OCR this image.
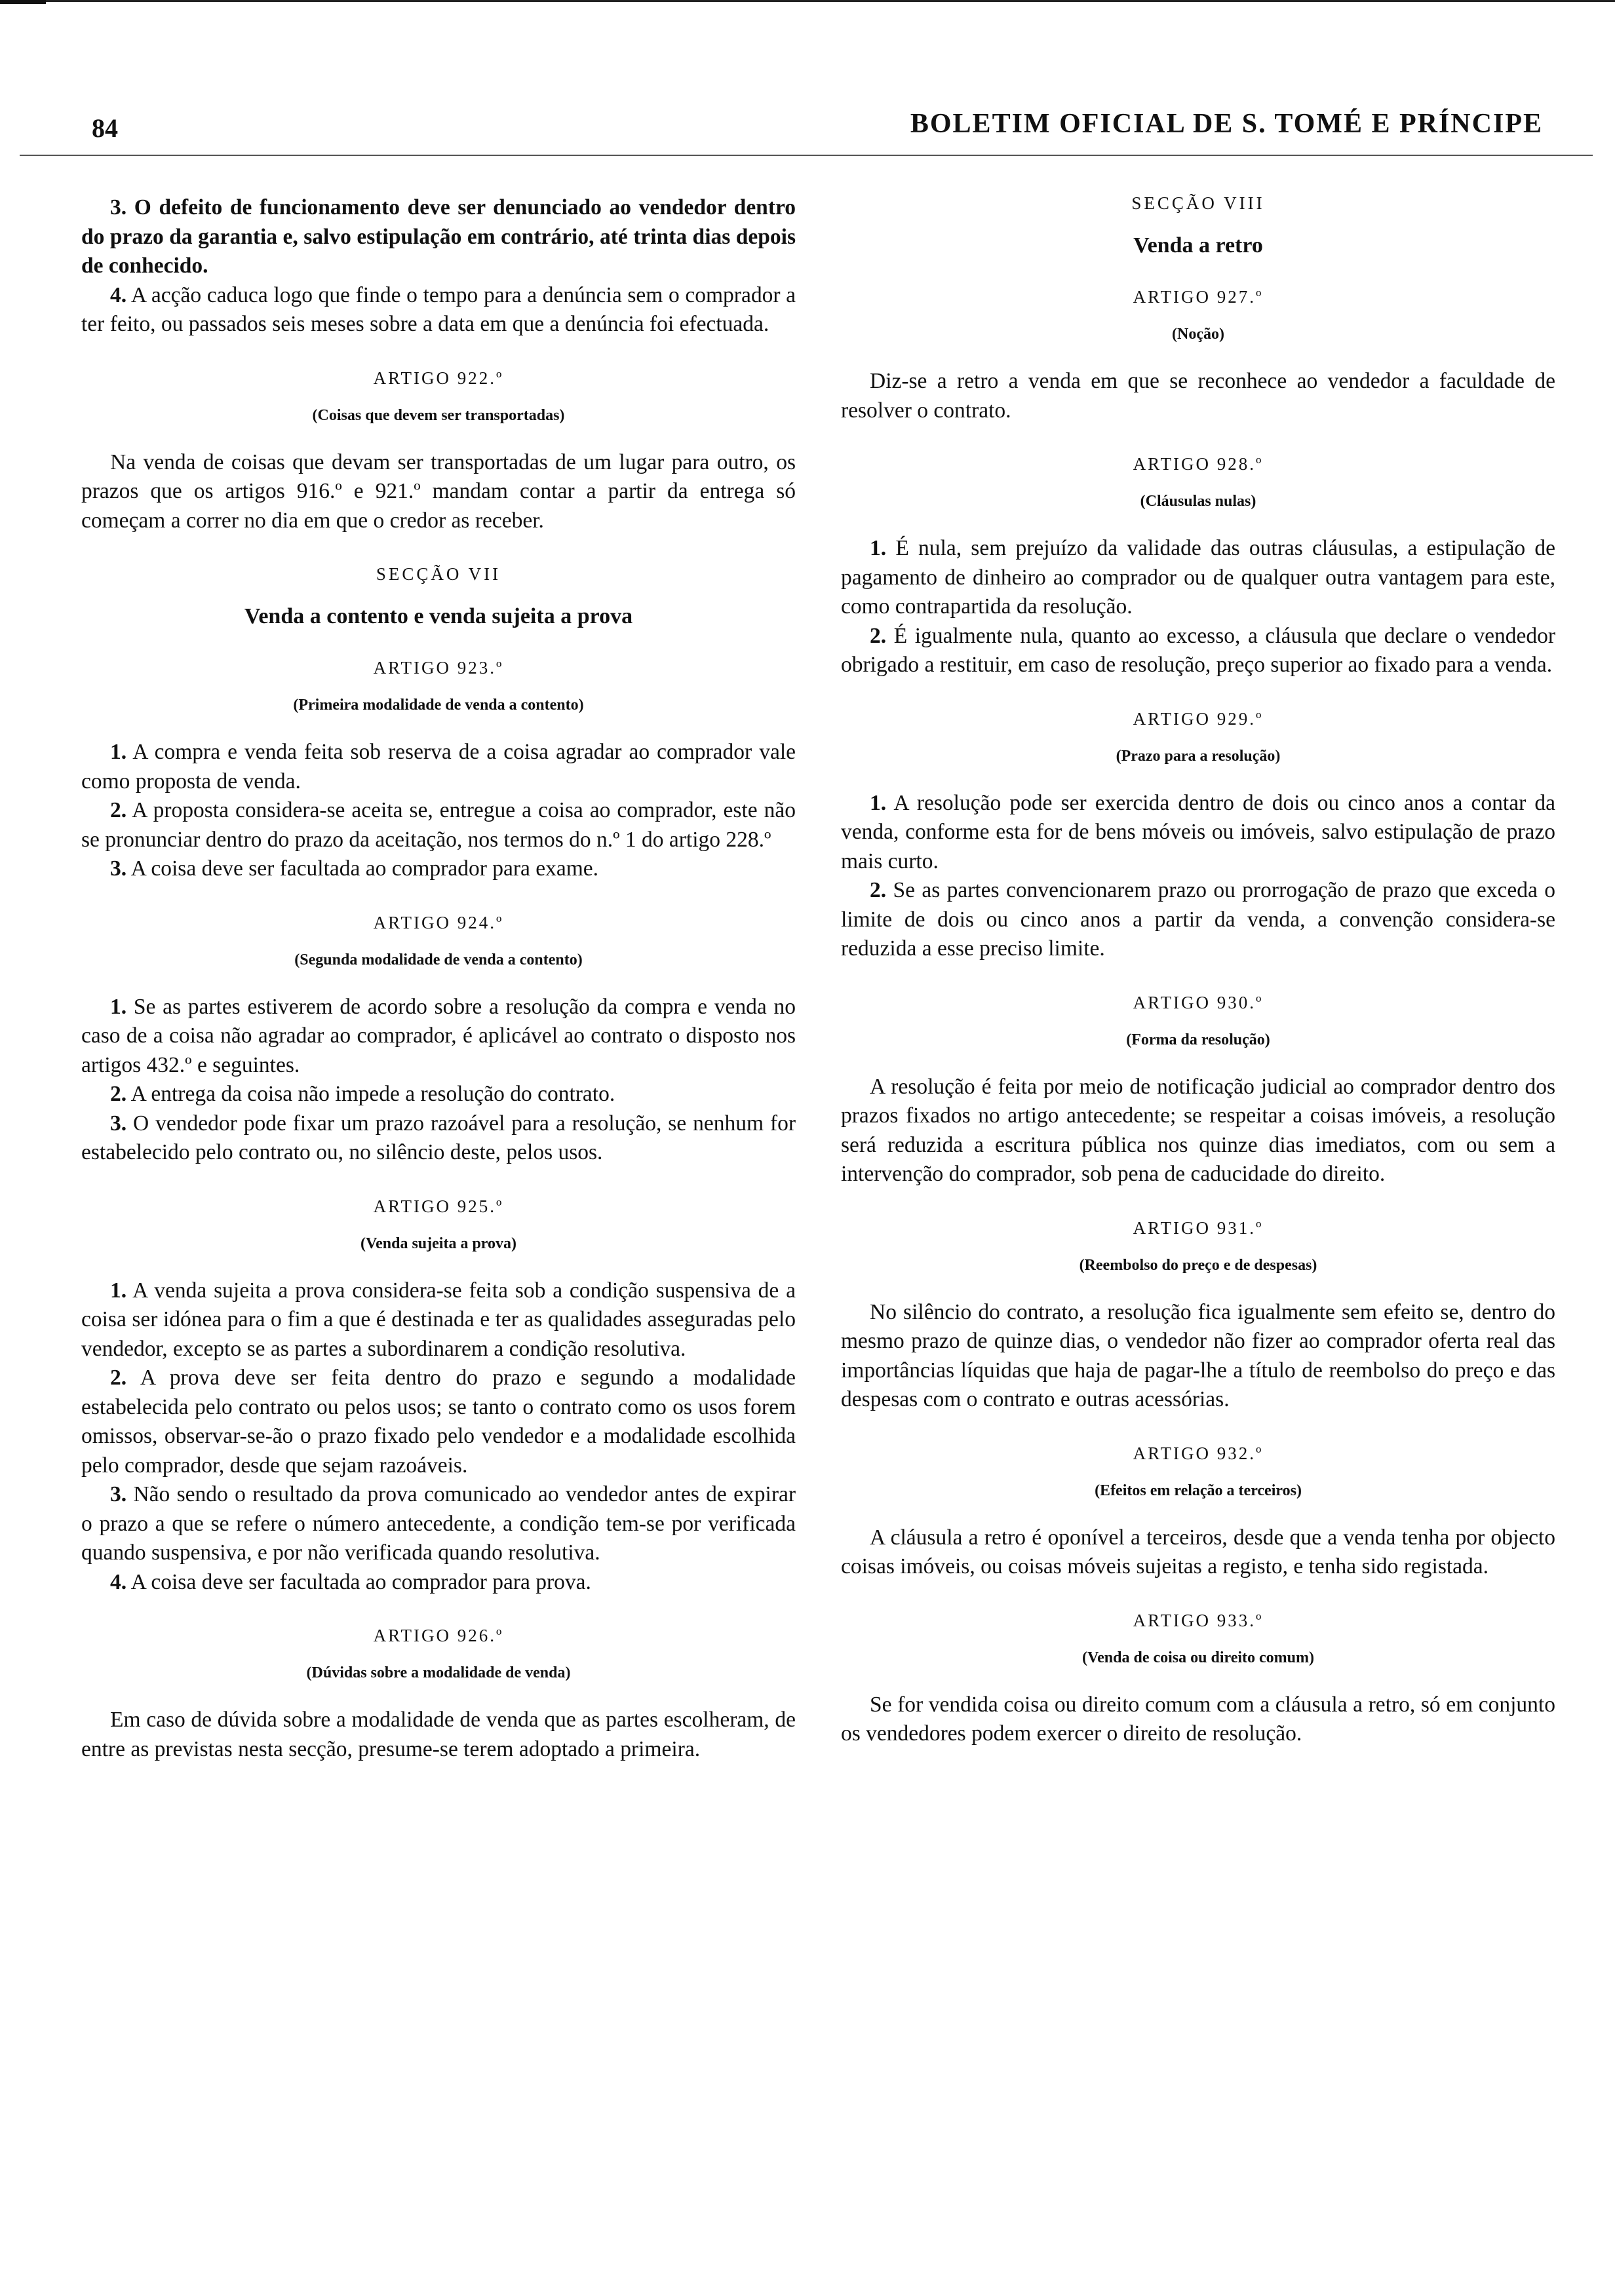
84	BOLETIM OFICIAL DE S. TOMÉ E PRÍNCIPE

3. O defeito de funcionamento deve ser denunciado ao vendedor dentro do prazo da garantia e, salvo estipulação em contrário, até trinta dias depois de conhecido.

4. A acção caduca logo que finde o tempo para a denúncia sem o comprador a ter feito, ou passados seis meses sobre a data em que a denúncia foi efectuada.

ARTIGO 922.º
(Coisas que devem ser transportadas)

Na venda de coisas que devam ser transportadas de um lugar para outro, os prazos que os artigos 916.º e 921.º mandam contar a partir da entrega só começam a correr no dia em que o credor as receber.

SECÇÃO VII
Venda a contento e venda sujeita a prova
ARTIGO 923.º
(Primeira modalidade de venda a contento)

1. A compra e venda feita sob reserva de a coisa agradar ao comprador vale como proposta de venda.

2. A proposta considera-se aceita se, entregue a coisa ao comprador, este não se pronunciar dentro do prazo da aceitação, nos termos do n.º 1 do artigo 228.º

3. A coisa deve ser facultada ao comprador para exame.

ARTIGO 924.º
(Segunda modalidade de venda a contento)

1. Se as partes estiverem de acordo sobre a resolução da compra e venda no caso de a coisa não agradar ao comprador, é aplicável ao contrato o disposto nos artigos 432.º e seguintes.

2. A entrega da coisa não impede a resolução do contrato.

3. O vendedor pode fixar um prazo razoável para a resolução, se nenhum for estabelecido pelo contrato ou, no silêncio deste, pelos usos.

ARTIGO 925.º
(Venda sujeita a prova)

1. A venda sujeita a prova considera-se feita sob a condição suspensiva de a coisa ser idónea para o fim a que é destinada e ter as qualidades asseguradas pelo vendedor, excepto se as partes a subordinarem a condição resolutiva.

2. A prova deve ser feita dentro do prazo e segundo a modalidade estabelecida pelo contrato ou pelos usos; se tanto o contrato como os usos forem omissos, observar-se-ão o prazo fixado pelo vendedor e a modalidade escolhida pelo comprador, desde que sejam razoáveis.

3. Não sendo o resultado da prova comunicado ao vendedor antes de expirar o prazo a que se refere o número antecedente, a condição tem-se por verificada quando suspensiva, e por não verificada quando resolutiva.

4. A coisa deve ser facultada ao comprador para prova.

ARTIGO 926.º
(Dúvidas sobre a modalidade de venda)

Em caso de dúvida sobre a modalidade de venda que as partes escolheram, de entre as previstas nesta secção, presume-se terem adoptado a primeira.

SECÇÃO VIII
Venda a retro
ARTIGO 927.º
(Noção)

Diz-se a retro a venda em que se reconhece ao vendedor a faculdade de resolver o contrato.

ARTIGO 928.º
(Cláusulas nulas)

1. É nula, sem prejuízo da validade das outras cláusulas, a estipulação de pagamento de dinheiro ao comprador ou de qualquer outra vantagem para este, como contrapartida da resolução.

2. É igualmente nula, quanto ao excesso, a cláusula que declare o vendedor obrigado a restituir, em caso de resolução, preço superior ao fixado para a venda.

ARTIGO 929.º
(Prazo para a resolução)

1. A resolução pode ser exercida dentro de dois ou cinco anos a contar da venda, conforme esta for de bens móveis ou imóveis, salvo estipulação de prazo mais curto.

2. Se as partes convencionarem prazo ou prorrogação de prazo que exceda o limite de dois ou cinco anos a partir da venda, a convenção considera-se reduzida a esse preciso limite.

ARTIGO 930.º
(Forma da resolução)

A resolução é feita por meio de notificação judicial ao comprador dentro dos prazos fixados no artigo antecedente; se respeitar a coisas imóveis, a resolução será reduzida a escritura pública nos quinze dias imediatos, com ou sem a intervenção do comprador, sob pena de caducidade do direito.

ARTIGO 931.º
(Reembolso do preço e de despesas)

No silêncio do contrato, a resolução fica igualmente sem efeito se, dentro do mesmo prazo de quinze dias, o vendedor não fizer ao comprador oferta real das importâncias líquidas que haja de pagar-lhe a título de reembolso do preço e das despesas com o contrato e outras acessórias.

ARTIGO 932.º
(Efeitos em relação a terceiros)

A cláusula a retro é oponível a terceiros, desde que a venda tenha por objecto coisas imóveis, ou coisas móveis sujeitas a registo, e tenha sido registada.

ARTIGO 933.º
(Venda de coisa ou direito comum)

Se for vendida coisa ou direito comum com a cláusula a retro, só em conjunto os vendedores podem exercer o direito de resolução.
